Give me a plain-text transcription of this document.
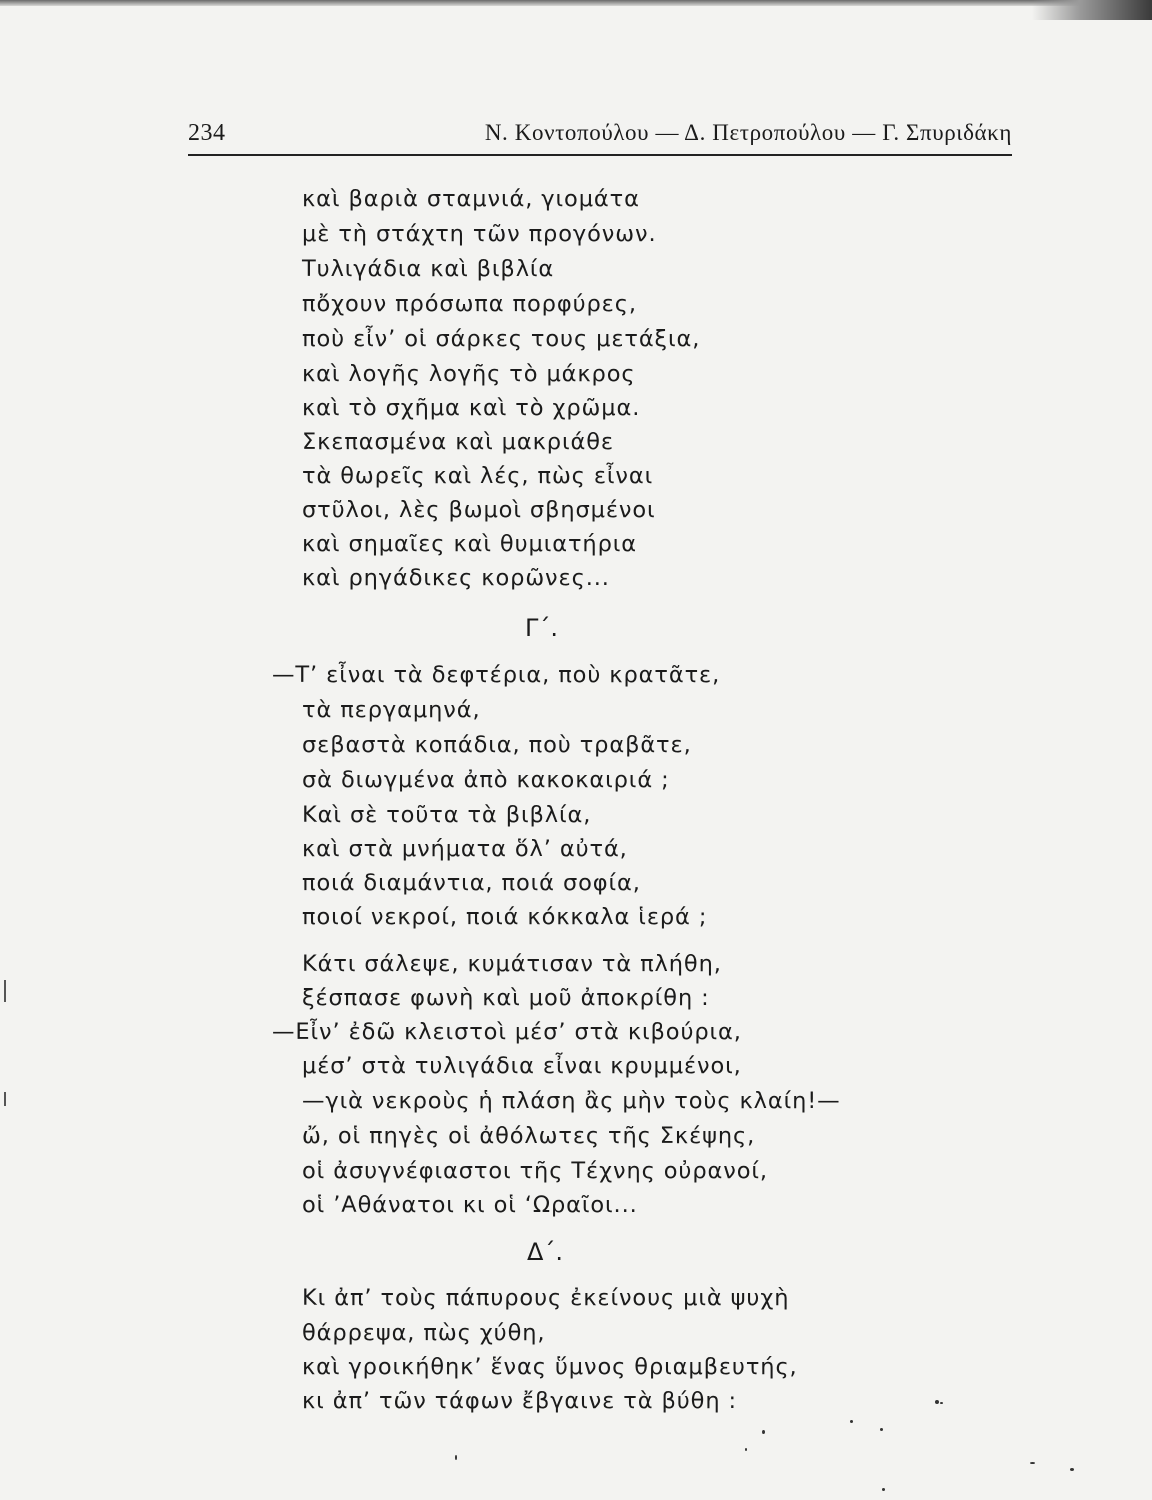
234	Ν. Κοντοπούλου — Δ. Πετροπούλου — Γ. Σπυριδάκη
καὶ βαριὰ σταμνιά, γιομάτα
μὲ τὴ στάχτη τῶν προγόνων.
Τυλιγάδια καὶ βιβλία
πὄχουν πρόσωπα πορφύρες,
ποὺ εἶν’ οἱ σάρκες τους μετάξια,
καὶ λογῆς λογῆς τὸ μάκρος
καὶ τὸ σχῆμα καὶ τὸ χρῶμα.
Σκεπασμένα καὶ μακριάθε
τὰ θωρεῖς καὶ λές, πὼς εἶναι
στῦλοι, λὲς βωμοὶ σβησμένοι
καὶ σημαῖες καὶ θυμιατήρια
καὶ ρηγάδικες κορῶνες...
Γ΄.
—Τ’ εἶναι τὰ δεφτέρια, ποὺ κρατᾶτε,
τὰ περγαμηνά,
σεβαστὰ κοπάδια, ποὺ τραβᾶτε,
σὰ διωγμένα ἀπὸ κακοκαιριά ;
Καὶ σὲ τοῦτα τὰ βιβλία,
καὶ στὰ μνήματα ὅλ’ αὐτά,
ποιά διαμάντια, ποιά σοφία,
ποιοί νεκροί, ποιά κόκκαλα ἱερά ;
Κάτι σάλεψε, κυμάτισαν τὰ πλήθη,
ξέσπασε φωνὴ καὶ μοῦ ἀποκρίθη :
—Εἶν’ ἐδῶ κλειστοὶ μέσ’ στὰ κιβούρια,
μέσ’ στὰ τυλιγάδια εἶναι κρυμμένοι,
—γιὰ νεκροὺς ἡ πλάση ἂς μὴν τοὺς κλαίη!—
ὤ, οἱ πηγὲς οἱ ἀθόλωτες τῆς Σκέψης,
οἱ ἀσυγνέφιαστοι τῆς Τέχνης οὐρανοί,
οἱ ’Αθάνατοι κι οἱ ‘Ωραῖοι...
Δ΄.
Κι ἀπ’ τοὺς πάπυρους ἐκείνους μιὰ ψυχὴ
θάρρεψα, πὼς χύθη,
καὶ γροικήθηκ’ ἕνας ὕμνος θριαμβευτής,
κι ἀπ’ τῶν τάφων ἔβγαινε τὰ βύθη :
